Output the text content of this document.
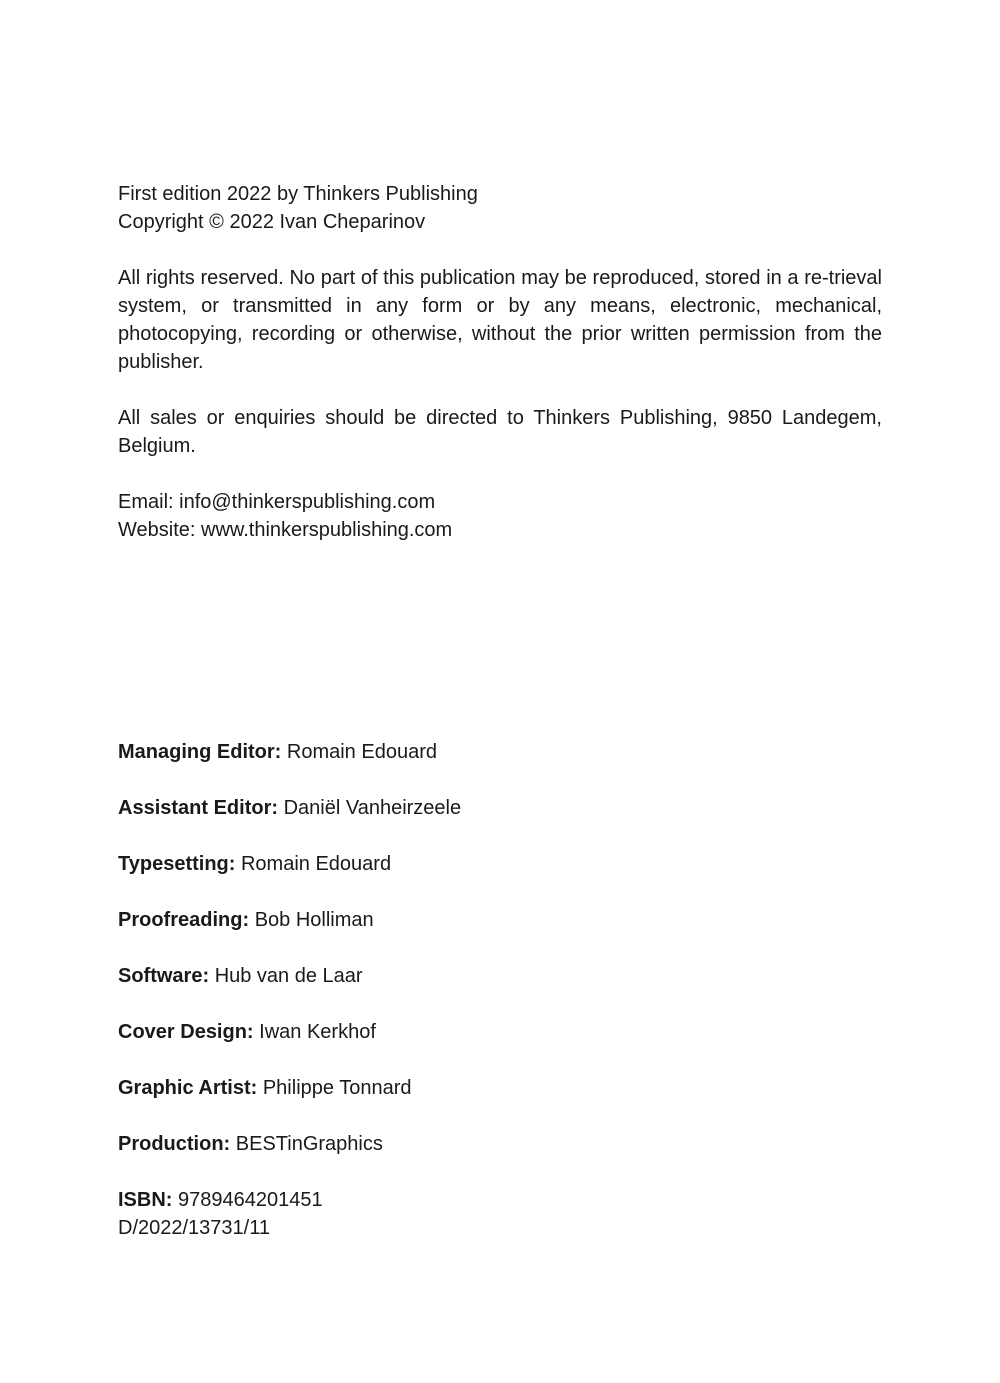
First edition 2022 by Thinkers Publishing

Copyright © 2022 Ivan Cheparinov

All rights reserved. No part of this publication may be reproduced, stored in a re-trieval system, or transmitted in any form or by any means, electronic, mechanical, photocopying, recording or otherwise, without the prior written permission from the publisher.

All sales or enquiries should be directed to Thinkers Publishing, 9850 Landegem, Belgium.

Email: info@thinkerspublishing.com

Website: www.thinkerspublishing.com

Managing Editor: Romain Edouard

Assistant Editor: Daniël Vanheirzeele

Typesetting: Romain Edouard

Proofreading: Bob Holliman

Software: Hub van de Laar

Cover Design: Iwan Kerkhof

Graphic Artist: Philippe Tonnard

Production: BESTinGraphics

ISBN: 9789464201451

D/2022/13731/11
